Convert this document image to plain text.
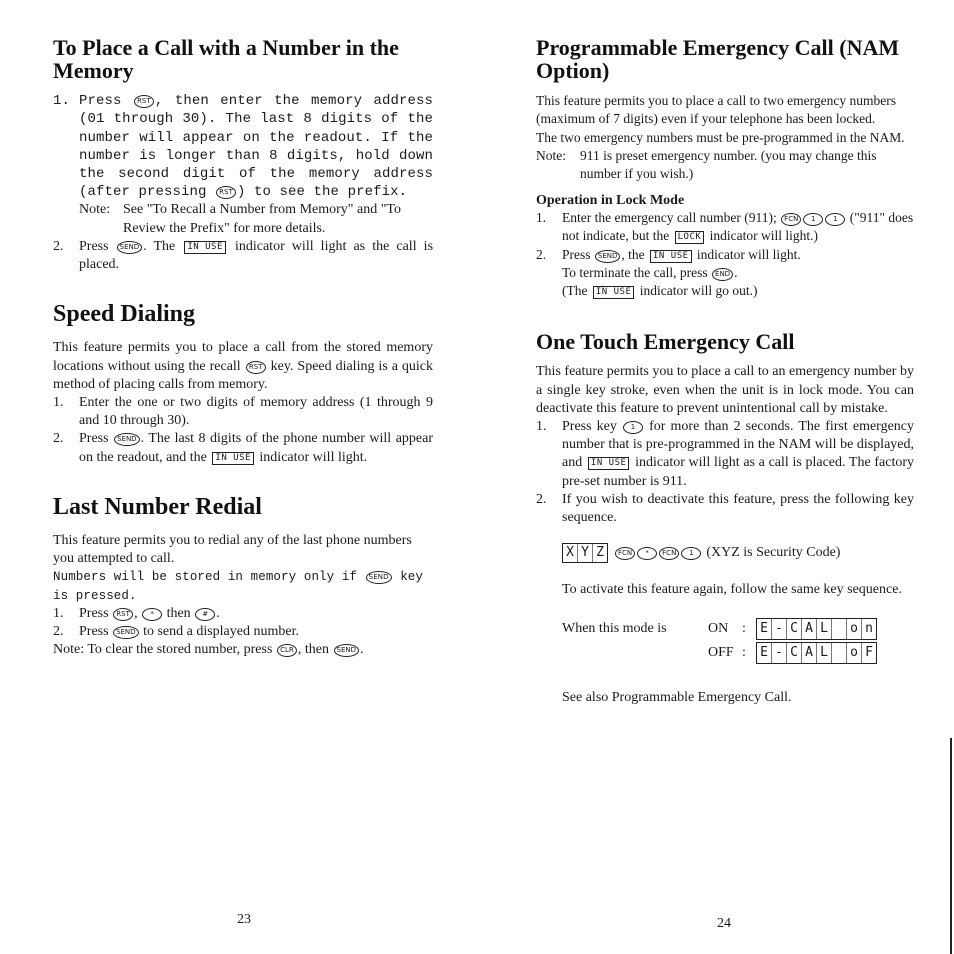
To Place a Call with a Number in the Memory
1. Press RST , then enter the memory address (01 through 30). The last 8 digits of the number will appear on the readout. If the number is longer than 8 digits, hold down the second digit of the memory address (after pressing RST ) to see the prefix.
Note: See "To Recall a Number from Memory" and "To Review the Prefix" for more details.
2.	Press SEND . The IN USE indicator will light as the call is placed.
Speed Dialing

This feature permits you to place a call from the stored memory locations without using the recall RST key. Speed dialing is a quick method of placing calls from memory.

1.	Enter the one or two digits of memory address (1 through 9 and 10 through 30).
2.	Press SEND . The last 8 digits of the phone number will appear on the readout, and the IN USE indicator will light.
Last Number Redial

This feature permits you to redial any of the last phone numbers you attempted to call.

Numbers will be stored in memory only if SEND key is pressed.

1.	Press RST , * then # .
2.	Press SEND to send a displayed number.

Note: To clear the stored number, press CLR , then SEND .

23
Programmable Emergency Call (NAM Option)

This feature permits you to place a call to two emergency numbers (maximum of 7 digits) even if your telephone has been locked.

The two emergency numbers must be pre-programmed in the NAM.

Note:	911 is preset emergency number. (you may change this number if you wish.)
Operation in Lock Mode
1.	Enter the emergency call number (911); FCN 1	1 ("911" does not indicate, but the LOCK indicator will light.)
2.	Press SEND , the IN USE indicator will light.
To terminate the call, press END .
(The IN USE indicator will go out.)
One Touch Emergency Call

This feature permits you to place a call to an emergency number by a single key stroke, even when the unit is in lock mode. You can deactivate this feature to prevent unintentional call by mistake.

1.	Press key 1 for more than 2 seconds. The first emergency number that is pre-programmed in the NAM will be displayed, and IN USE indicator will light as a call is placed. The factory pre-set number is 911.
2.	If you wish to deactivate this feature, press the following key sequence.
X Y Z	FCN	*	FCN	1 (XYZ is Security Code)

To activate this feature again, follow the same key sequence.

When this mode is	ON :	E - C A L	o n
OFF :	E - C A L	o F

See also Programmable Emergency Call.

24
